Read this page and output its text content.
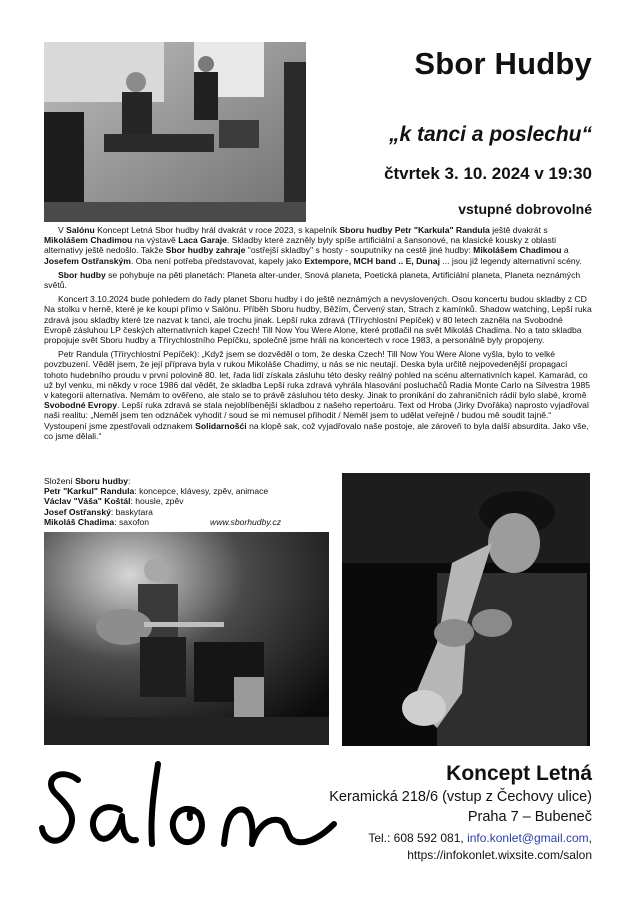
Sbor Hudby
„k tanci a poslechu“
čtvrtek 3. 10. 2024 v 19:30
vstupné dobrovolné

V Salónu Koncept Letná Sbor hudby hrál dvakrát v roce 2023, s kapelník Sboru hudby Petr "Karkula" Randula ještě dvakrát s Mikolášem Chadimou na výstavě Laca Garaje. Skladby které zazněly byly spíše artificiální a šansonové, na klasické kousky z oblasti alternativy ještě nedošlo. Takže Sbor hudby zahraje "ostřejší skladby" s hosty - souputníky na cestě jiné hudby: Mikolášem Chadimou a Josefem Ostřanským. Oba není potřeba představovat, kapely jako Extempore, MCH band .. E, Dunaj ... jsou již legendy alternativní scény.

Sbor hudby se pohybuje na pěti planetách: Planeta alter-under, Snová planeta, Poetická planeta, Artificiální planeta, Planeta neznámých světů.

Koncert 3.10.2024 bude pohledem do řady planet Sboru hudby i do ještě neznámých a nevyslovených. Osou koncertu budou skladby z CD Na stolku v herně, které je ke koupi přímo v Salónu. Příběh Sboru hudby, Běžím, Červený stan, Strach z kamínků. Shadow watching, Lepší ruka zdravá jsou skladby které lze nazvat k tanci, ale trochu jinak. Lepší ruka zdravá (Třírychlostní Pepíček) v 80 letech zazněla na Svobodné Evropě zásluhou LP českých alternativních kapel Czech! Till Now You Were Alone, které protlačil na svět Mikoláš Chadima. No a tato skladba propojuje svět Sboru hudby a Třírychlostního Pepíčku, společně jsme hráli na koncertech v roce 1983, a personálně byly propojeny.

Petr Randula (Třírychlostní Pepíček): „Když jsem se dozvěděl o tom, že deska Czech! Till Now You Were Alone vyšla, bylo to velké povzbuzení. Věděl jsem, že její příprava byla v rukou Mikoláše Chadimy, u nás se nic neutají. Deska byla určitě nejpovedenější propagací tohoto hudebního proudu v první polovině 80. let, řada lidí získala zásluhu této desky reálný pohled na scénu alternativních kapel. Kamarád, co už byl venku, mi někdy v roce 1986 dal vědět, že skladba Lepší ruka zdravá vyhrála hlasování posluchačů Radia Monte Carlo na Silvestra 1985 v kategorii alternativa. Nemám to ověřeno, ale stalo se to právě zásluhou této desky. Jinak to pronikání do zahraničních rádií bylo slabé, kromě Svobodné Evropy. Lepší ruka zdravá se stala nejoblíbenější skladbou z našeho repertoáru. Text od Hroba (Jirky Dvořáka) naprosto vyjadřoval naši realitu: „Neměl jsem ten odznáček vyhodit / soud se mi nemusel přihodit / Neměl jsem to udělat veřejně / budou mě soudit tajně.“ Vystoupení jsme zpestřovali odznakem Solidarnošći na klopě sak, což vyjadřovalo naše postoje, ale zároveň to byla další absurdita. Jako vše, co jsme dělali.“

Složení Sboru hudby:
Petr "Karkul" Randula: koncepce, klávesy, zpěv, animace
Václav "Váša" Koštál: housle, zpěv
Josef Ostřanský: baskytara
Mikoláš Chadima: saxofon	www.sborhudby.cz
Koncept Letná
Keramická 218/6 (vstup z Čechovy ulice)
Praha 7 – Bubeneč
Tel.: 608 592 081, info.konlet@gmail.com,
https://infokonlet.wixsite.com/salon
